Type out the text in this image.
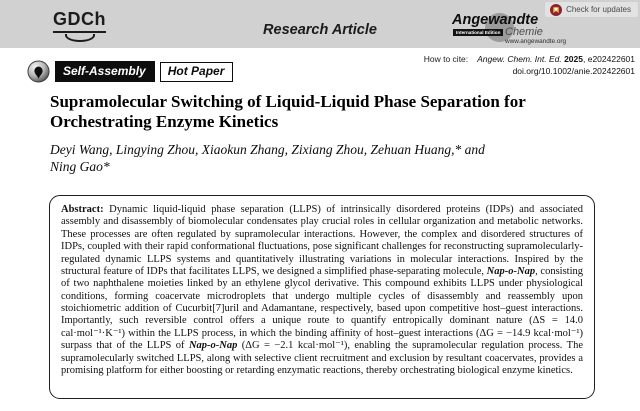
GDCh
Research Article
Angewandte
International Edition Chemie
www.angewandte.org
Check for updates
How to cite: Angew. Chem. Int. Ed. 2025, e202422601
doi.org/10.1002/anie.202422601
Self-Assembly	Hot Paper
Supramolecular Switching of Liquid-Liquid Phase Separation for Orchestrating Enzyme Kinetics
Deyi Wang, Lingying Zhou, Xiaokun Zhang, Zixiang Zhou, Zehuan Huang,* and
Ning Gao*
Abstract: Dynamic liquid-liquid phase separation (LLPS) of intrinsically disordered proteins (IDPs) and associated assembly and disassembly of biomolecular condensates play crucial roles in cellular organization and metabolic networks. These processes are often regulated by supramolecular interactions. However, the complex and disordered structures of IDPs, coupled with their rapid conformational fluctuations, pose significant challenges for reconstructing supramolecularly-regulated dynamic LLPS systems and quantitatively illustrating variations in molecular interactions. Inspired by the structural feature of IDPs that facilitates LLPS, we designed a simplified phase-separating molecule, Nap-o-Nap, consisting of two naphthalene moieties linked by an ethylene glycol derivative. This compound exhibits LLPS under physiological conditions, forming coacervate microdroplets that undergo multiple cycles of disassembly and reassembly upon stoichiometric addition of Cucurbit[7]uril and Adamantane, respectively, based upon competitive host–guest interactions. Importantly, such reversible control offers a unique route to quantify entropically dominant nature (ΔS = 14.0 cal·mol⁻¹·K⁻¹) within the LLPS process, in which the binding affinity of host–guest interactions (ΔG = −14.9 kcal·mol⁻¹) surpass that of the LLPS of Nap-o-Nap (ΔG = −2.1 kcal·mol⁻¹), enabling the supramolecular regulation process. The supramolecularly switched LLPS, along with selective client recruitment and exclusion by resultant coacervates, provides a promising platform for either boosting or retarding enzymatic reactions, thereby orchestrating biological enzyme kinetics.
